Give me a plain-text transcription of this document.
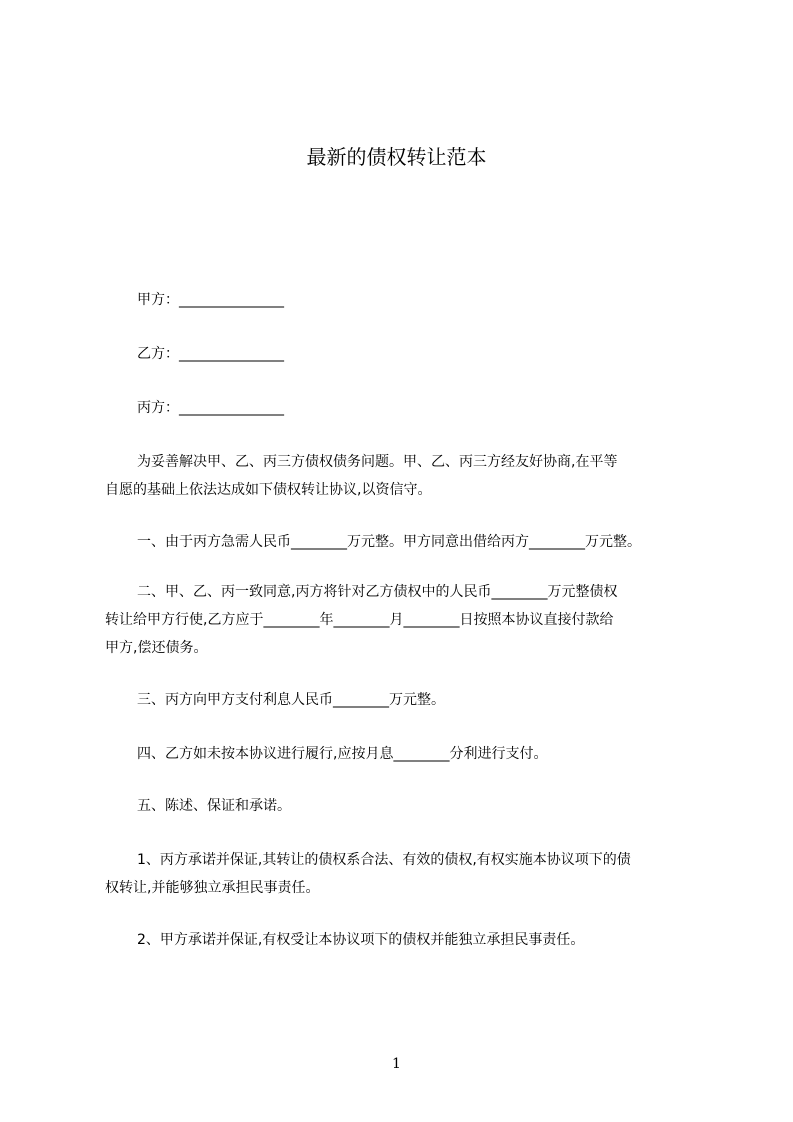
最新的债权转让范本
甲方：_______________
乙方：_______________
丙方：_______________
为妥善解决甲、乙、丙三方债权债务问题。甲、乙、丙三方经友好协商,在平等
自愿的基础上依法达成如下债权转让协议,以资信守。
一、由于丙方急需人民币________万元整。甲方同意出借给丙方________万元整。
二、甲、乙、丙一致同意,丙方将针对乙方债权中的人民币________万元整债权
转让给甲方行使,乙方应于________年________月________日按照本协议直接付款给
甲方,偿还债务。
三、丙方向甲方支付利息人民币________万元整。
四、乙方如未按本协议进行履行,应按月息________分利进行支付。
五、陈述、保证和承诺。
1、丙方承诺并保证,其转让的债权系合法、有效的债权,有权实施本协议项下的债
权转让,并能够独立承担民事责任。
2、甲方承诺并保证,有权受让本协议项下的债权并能独立承担民事责任。
1
